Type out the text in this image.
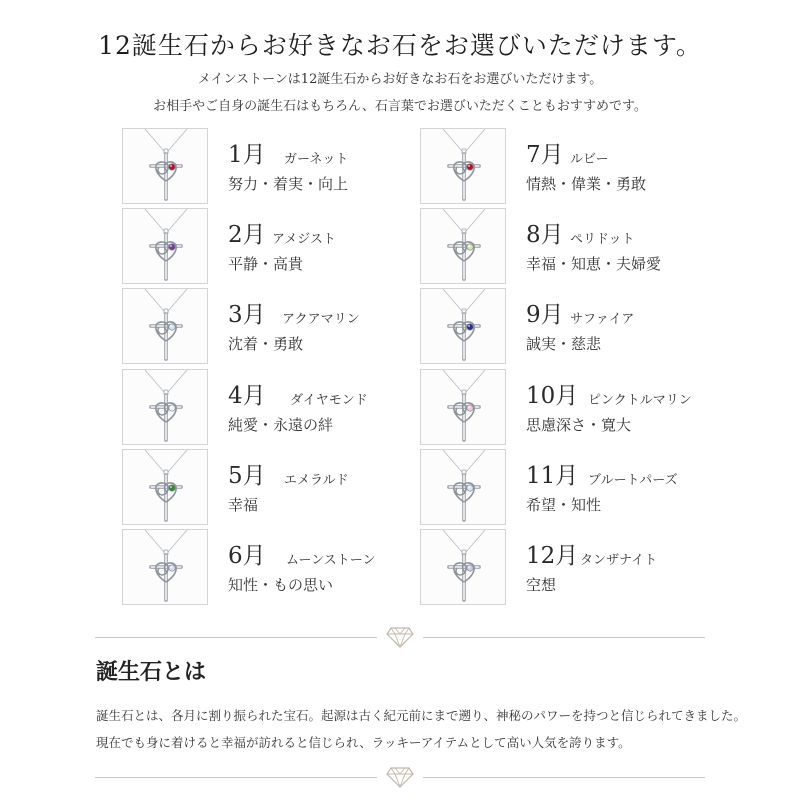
12誕生石からお好きなお石をお選びいただけます。
メインストーンは12誕生石からお好きなお石をお選びいただけます。
お相手やご自身の誕生石はもちろん、石言葉でお選びいただくこともおすすめです。
1月 ガーネット
努力・着実・向上
2月 アメジスト
平静・高貴
3月 アクアマリン
沈着・勇敢
4月 ダイヤモンド
純愛・永遠の絆
5月 エメラルド
幸福
6月 ムーンストーン
知性・もの思い
7月 ルビー
情熱・偉業・勇敢
8月 ペリドット
幸福・知恵・夫婦愛
9月 サファイア
誠実・慈悲
10月 ピンクトルマリン
思慮深さ・寛大
11月 ブルートパーズ
希望・知性
12月 タンザナイト
空想
誕生石とは
誕生石とは、各月に割り振られた宝石。起源は古く紀元前にまで遡り、神秘のパワーを持つと信じられてきました。
現在でも身に着けると幸福が訪れると信じられ、ラッキーアイテムとして高い人気を誇ります。
